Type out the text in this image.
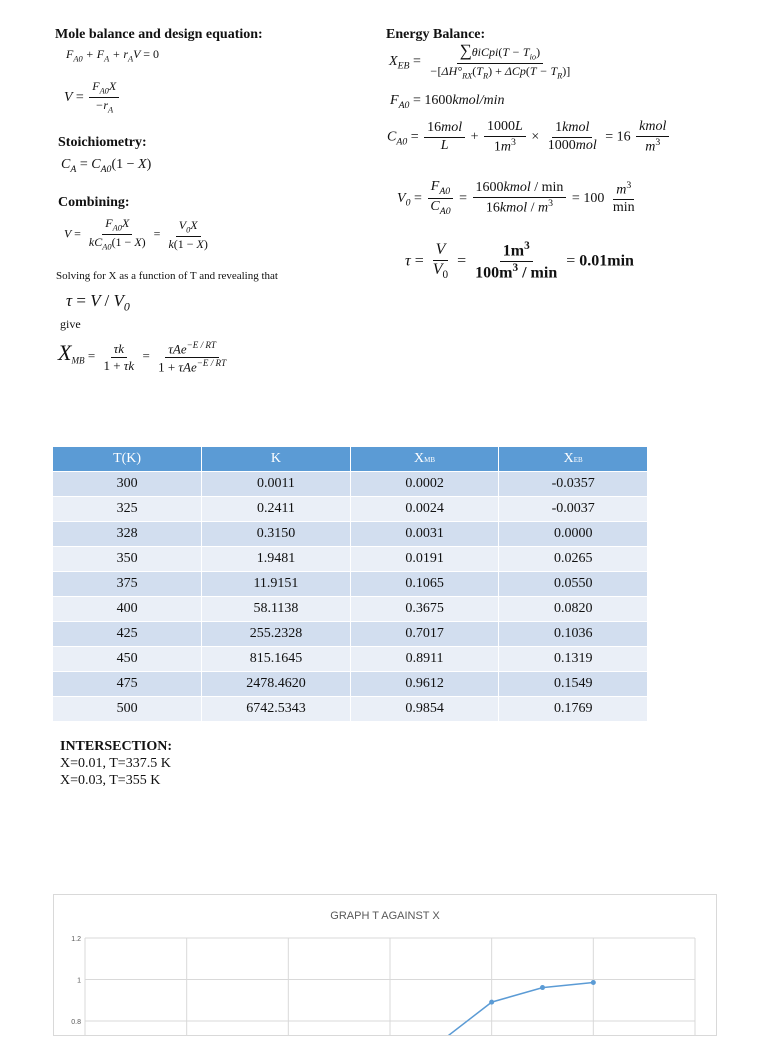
Mole balance and design equation:
$F_{A0} + F_A + r_AV = 0$
$V = \frac{F_{A0}X}{-r_A}$
Stoichiometry:
$C_A = C_{A0}(1 - X)$
Combining:
$V = \frac{F_{A0}X}{kC_{A0}(1 - X)} = \frac{V_0X}{k(1 - X)}$
Solving for X as a function of T and revealing that
$\tau = V / V_0$
give
$X_{MB} = \frac{\tau k}{1 + \tau k} = \frac{\tau Ae^{-E / RT}}{1 + \tau Ae^{-E / RT}}$
Energy Balance:
$X_{EB} = \frac{\sum\theta iCpi(T - T_{io})}{-[\Delta H^\circ_{RX}(T_R) + \Delta Cp(T - T_R)]}$
$F_{A0}$ = 1600kmol/min
$C_{A0} = \frac{\text{16mol}}{L} + \frac{1000L}{1m^3} \times \frac{\text{1kmol}}{\text{1000mol}} = 16 \frac{\text{kmol}}{m^3}$
$V_0 = \frac{F_{A0}}{C_{A0}} = \frac{\text{1600kmol / min}}{16kmol / m^3} = 100 \frac{m^3}{\min}$
$\tau = \frac{V}{V_0} = \frac{1m^3}{100m^3 / \min} = 0.01\min$
T(K)	K	XMB	XEB
300	0.0011	0.0002	-0.0357
325	0.2411	0.0024	-0.0037
328	0.3150	0.0031	0.0000
350	1.9481	0.0191	0.0265
375	11.9151	0.1065	0.0550
400	58.1138	0.3675	0.0820
425	255.2328	0.7017	0.1036
450	815.1645	0.8911	0.1319
475	2478.4620	0.9612	0.1549
500	6742.5343	0.9854	0.1769
INTERSECTION:
X=0.01, T=337.5 K
X=0.03, T=355 K
GRAPH T AGAINST X
1.2
1
0.8
